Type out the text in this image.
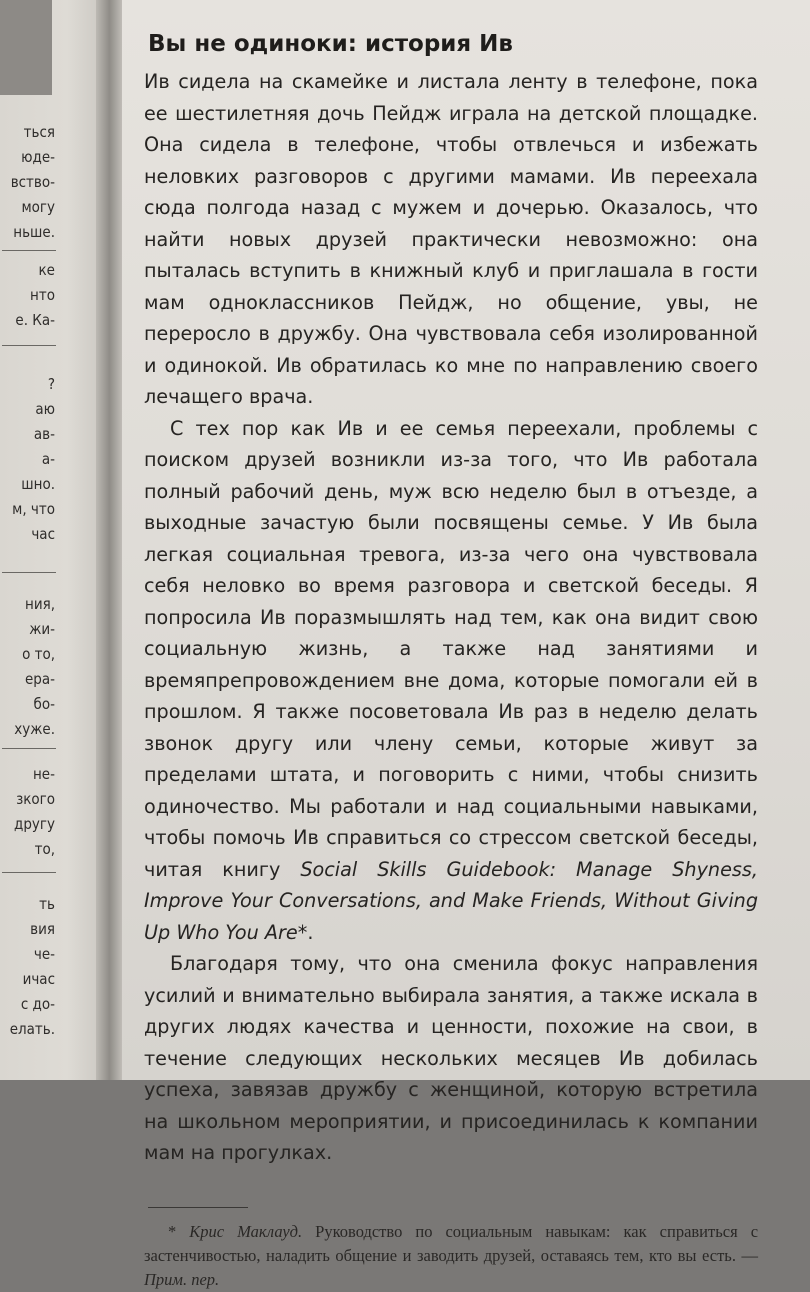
ться
юде-
вство-
могу
ньше.
ке
нто
е. Ка-
?
аю
ав-
а-
шно.
м, что
час
ния,
жи-
о то,
ера-
бо-
хуже.
не-
зкого
другу
то,
ть
вия
че-
ичас
с до-
елать.
Вы не одиноки: история Ив

Ив сидела на скамейке и листала ленту в телефоне, пока ее шестилетняя дочь Пейдж играла на детской площадке. Она сидела в телефоне, чтобы отвлечься и избежать неловких разговоров с другими мамами. Ив переехала сюда полгода назад с мужем и дочерью. Оказалось, что найти новых друзей практически невозможно: она пыталась вступить в книжный клуб и приглашала в гости мам одноклассников Пейдж, но общение, увы, не переросло в дружбу. Она чувствовала себя изолированной и одинокой. Ив обратилась ко мне по направлению своего лечащего врача.

С тех пор как Ив и ее семья переехали, проблемы с поиском друзей возникли из-за того, что Ив работала полный рабочий день, муж всю неделю был в отъезде, а выходные зачастую были посвящены семье. У Ив была легкая социальная тревога, из-за чего она чувствовала себя неловко во время разговора и светской беседы. Я попросила Ив поразмышлять над тем, как она видит свою социальную жизнь, а также над занятиями и времяпрепровождением вне дома, которые помогали ей в прошлом. Я также посоветовала Ив раз в неделю делать звонок другу или члену семьи, которые живут за пределами штата, и поговорить с ними, чтобы снизить одиночество. Мы работали и над социальными навыками, чтобы помочь Ив справиться со стрессом светской беседы, читая книгу Social Skills Guidebook: Manage Shyness, Improve Your Conversations, and Make Friends, Without Giving Up Who You Are*.

Благодаря тому, что она сменила фокус направления усилий и внимательно выбирала занятия, а также искала в других людях качества и ценности, похожие на свои, в течение следующих нескольких месяцев Ив добилась успеха, завязав дружбу с женщиной, которую встретила на школьном мероприятии, и присоединилась к компании мам на прогулках.

* Крис Маклауд. Руководство по социальным навыкам: как справиться с застенчивостью, наладить общение и заводить друзей, оставаясь тем, кто вы есть. — Прим. пер.
